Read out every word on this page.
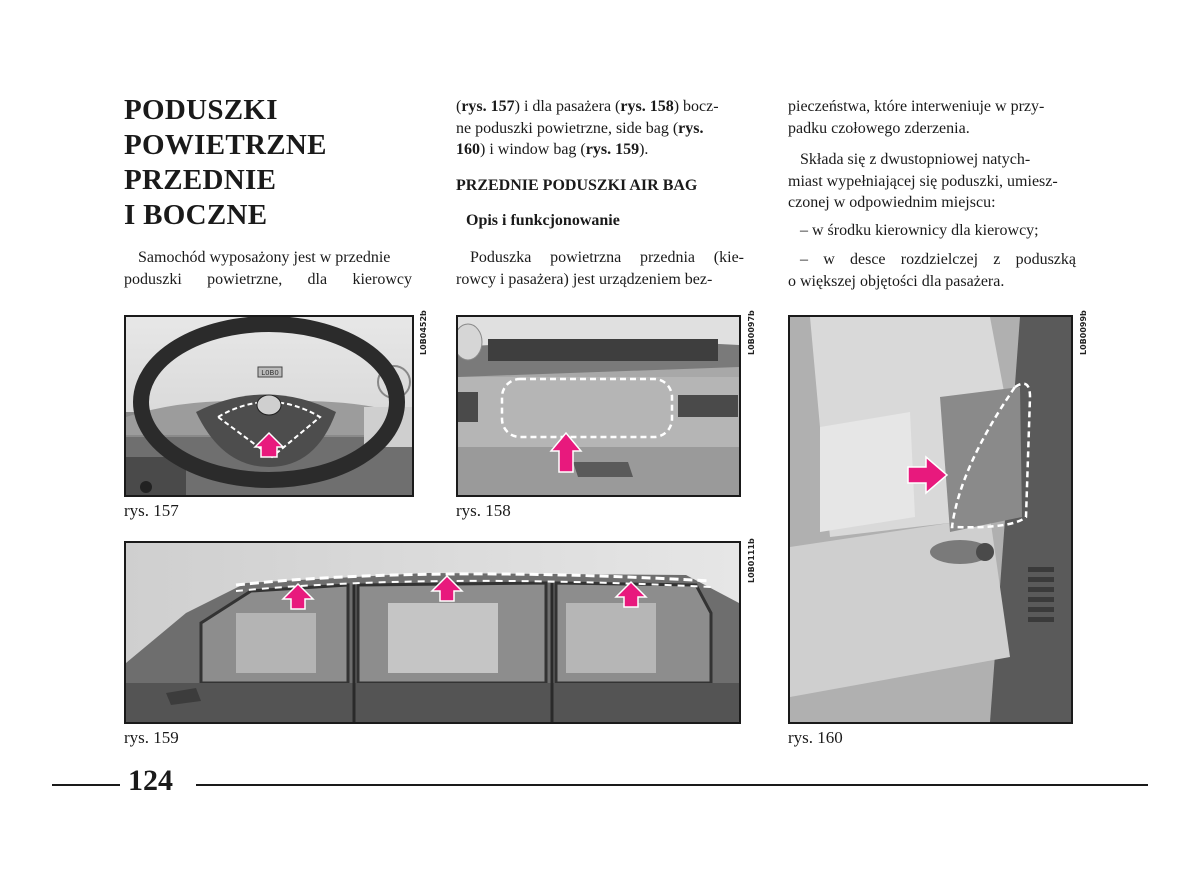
PODUSZKI
POWIETRZNE
PRZEDNIE
I BOCZNE
Samochód wyposażony jest w przednie
poduszki powietrzne, dla kierowcy
(rys. 157) i dla pasażera (rys. 158) bocz-
ne poduszki powietrzne, side bag (rys.
160) i window bag (rys. 159).
PRZEDNIE PODUSZKI AIR BAG
Opis i funkcjonowanie
Poduszka powietrzna przednia (kie-
rowcy i pasażera) jest urządzeniem bez-
pieczeństwa, które interweniuje w przy-
padku czołowego zderzenia.
Składa się z dwustopniowej natych-
miast wypełniającej się poduszki, umiesz-
czonej w odpowiednim miejscu:
– w środku kierownicy dla kierowcy;
– w desce rozdzielczej z poduszką
o większej objętości dla pasażera.
L0B0
L0B0452b
rys. 157
L0B0097b
rys. 158
L0B0111b
rys. 159
L0B0099b
rys. 160
124
